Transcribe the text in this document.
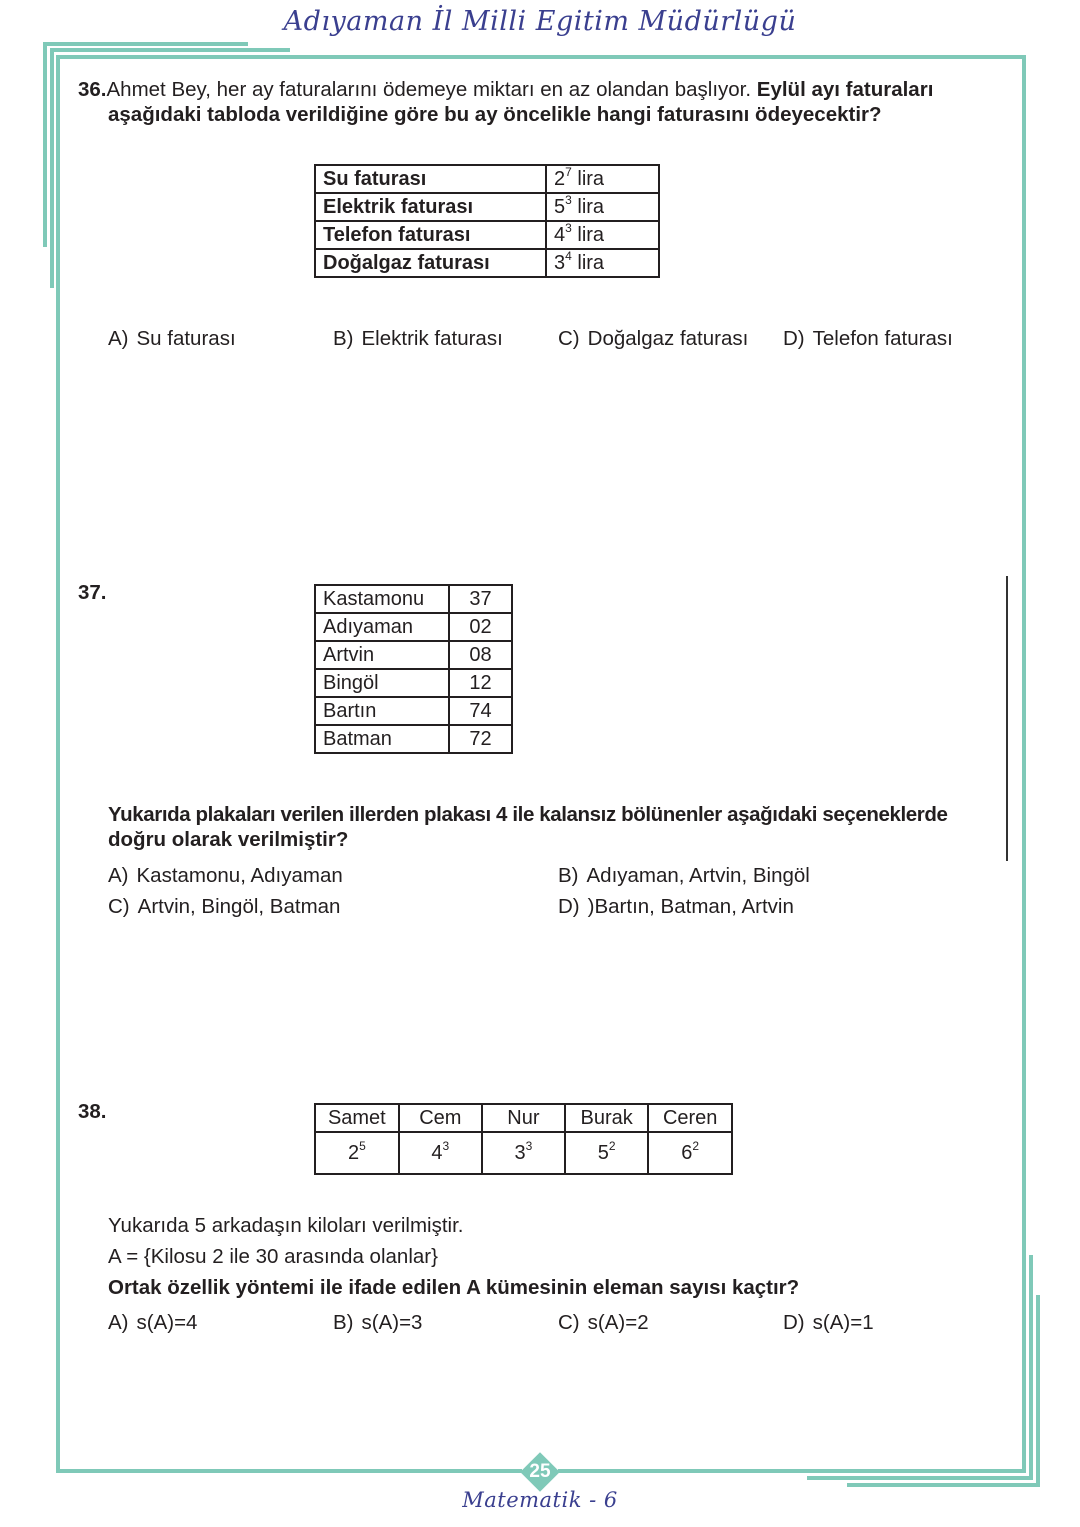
Adıyaman İl Milli Egitim Müdürlügü
36.Ahmet Bey, her ay faturalarını ödemeye miktarı en az olandan başlıyor. Eylül ayı faturaları
aşağıdaki tabloda verildiğine göre bu ay öncelikle hangi faturasını ödeyecektir?
Su faturası	$2^7$ lira
Elektrik faturası	$5^3$ lira
Telefon faturası	$4^3$ lira
Doğalgaz faturası	$3^4$ lira
A) Su faturası	B) Elektrik faturası	C) Doğalgaz faturası D) Telefon faturası
37.	Kastamonu	37
Adıyaman	02
Artvin	08
Bingöl	12
Bartın	74
Batman	72
Yukarıda plakaları verilen illerden plakası 4 ile kalansız bölünenler aşağıdaki seçeneklerde
doğru olarak verilmiştir?
A) Kastamonu, Adıyaman	B) Adıyaman, Artvin, Bingöl
C) Artvin, Bingöl, Batman	D) )Bartın, Batman, Artvin
38.	Samet	Cem	Nur	Burak	Ceren
$2^5$	$4^3$	$3^3$	$5^2$	$6^2$
Yukarıda 5 arkadaşın kiloları verilmiştir.
A = {Kilosu 2 ile 30 arasında olanlar}
Ortak özellik yöntemi ile ifade edilen A kümesinin eleman sayısı kaçtır?
A) s(A)=4	B) s(A)=3	C) s(A)=2	D) s(A)=1
25
Matematik - 6
